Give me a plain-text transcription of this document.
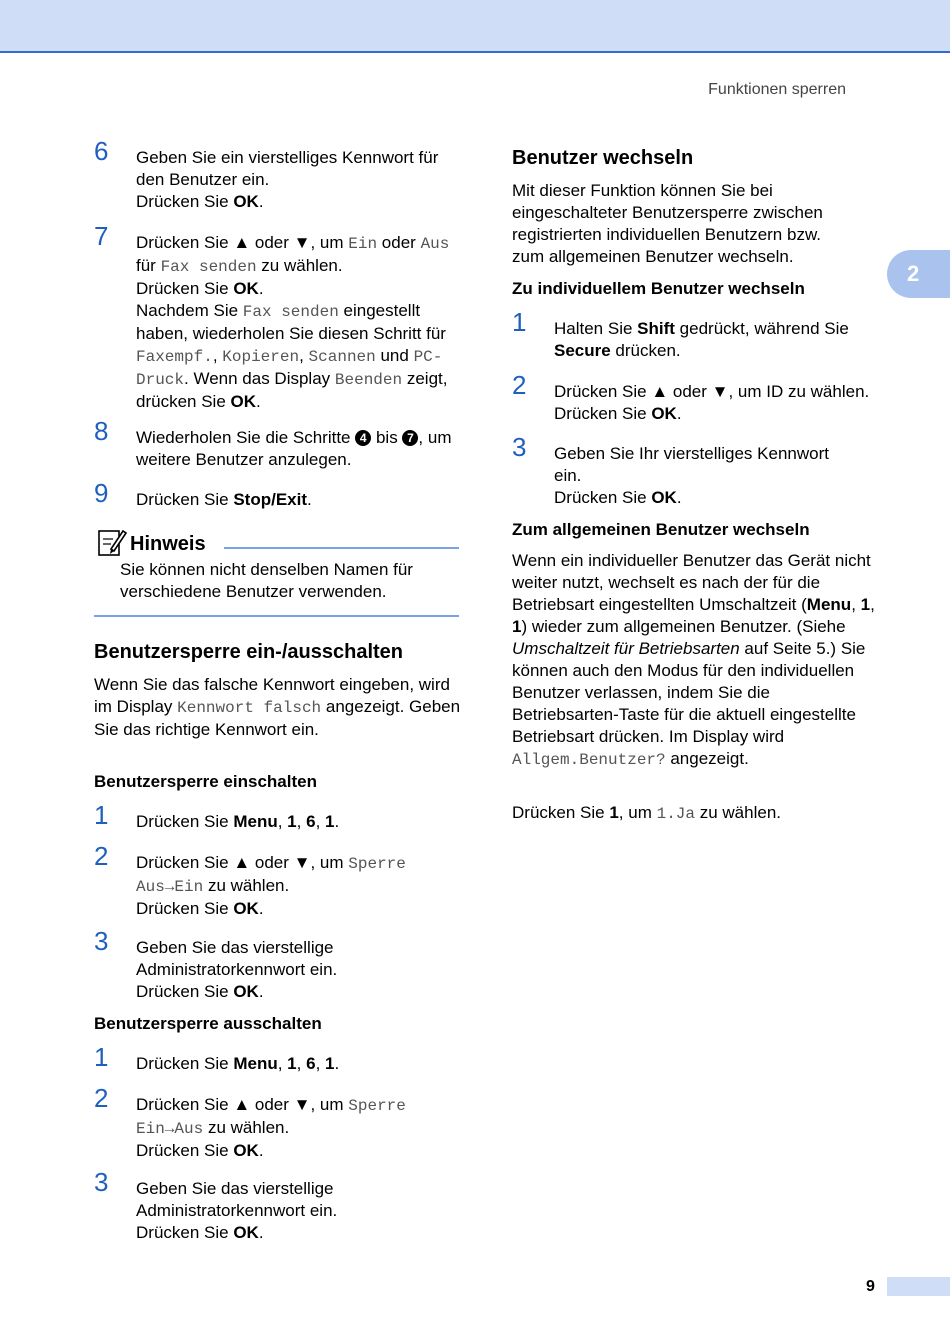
Funktionen sperren
2
6 Geben Sie ein vierstelliges Kennwort für den Benutzer ein.
Drücken Sie OK.
7 Drücken Sie ▲ oder ▼, um Ein oder Aus
für Fax senden zu wählen.
Drücken Sie OK.
Nachdem Sie Fax senden eingestellt haben, wiederholen Sie diesen Schritt für Faxempf., Kopieren, Scannen und PC-Druck. Wenn das Display Beenden zeigt, drücken Sie OK.
8 Wiederholen Sie die Schritte 4 bis 7 , um weitere Benutzer anzulegen.
9 Drücken Sie Stop/Exit.
Hinweis
Sie können nicht denselben Namen für verschiedene Benutzer verwenden.
Benutzersperre ein-/ausschalten
Wenn Sie das falsche Kennwort eingeben, wird im Display Kennwort falsch angezeigt. Geben Sie das richtige Kennwort ein.
Benutzersperre einschalten
1 Drücken Sie Menu, 1, 6, 1.
2 Drücken Sie ▲ oder ▼, um Sperre Aus→Ein zu wählen.
Drücken Sie OK.
3 Geben Sie das vierstellige Administratorkennwort ein.
Drücken Sie OK.
Benutzersperre ausschalten
1 Drücken Sie Menu, 1, 6, 1.
2 Drücken Sie ▲ oder ▼, um Sperre Ein→Aus zu wählen.
Drücken Sie OK.
3 Geben Sie das vierstellige Administratorkennwort ein.
Drücken Sie OK.
Benutzer wechseln
Mit dieser Funktion können Sie bei eingeschalteter Benutzersperre zwischen registrierten individuellen Benutzern bzw. zum allgemeinen Benutzer wechseln.
Zu individuellem Benutzer wechseln
1 Halten Sie Shift gedrückt, während Sie Secure drücken.
2 Drücken Sie ▲ oder ▼, um ID zu wählen.
Drücken Sie OK.
3 Geben Sie Ihr vierstelliges Kennwort ein.
Drücken Sie OK.
Zum allgemeinen Benutzer wechseln
Wenn ein individueller Benutzer das Gerät nicht weiter nutzt, wechselt es nach der für die Betriebsart eingestellten Umschaltzeit (Menu, 1, 1) wieder zum allgemeinen Benutzer. (Siehe Umschaltzeit für Betriebsarten auf Seite 5.) Sie können auch den Modus für den individuellen Benutzer verlassen, indem Sie die Betriebsarten-Taste für die aktuell eingestellte Betriebsart drücken. Im Display wird Allgem.Benutzer? angezeigt.
Drücken Sie 1, um 1.Ja zu wählen.
9
